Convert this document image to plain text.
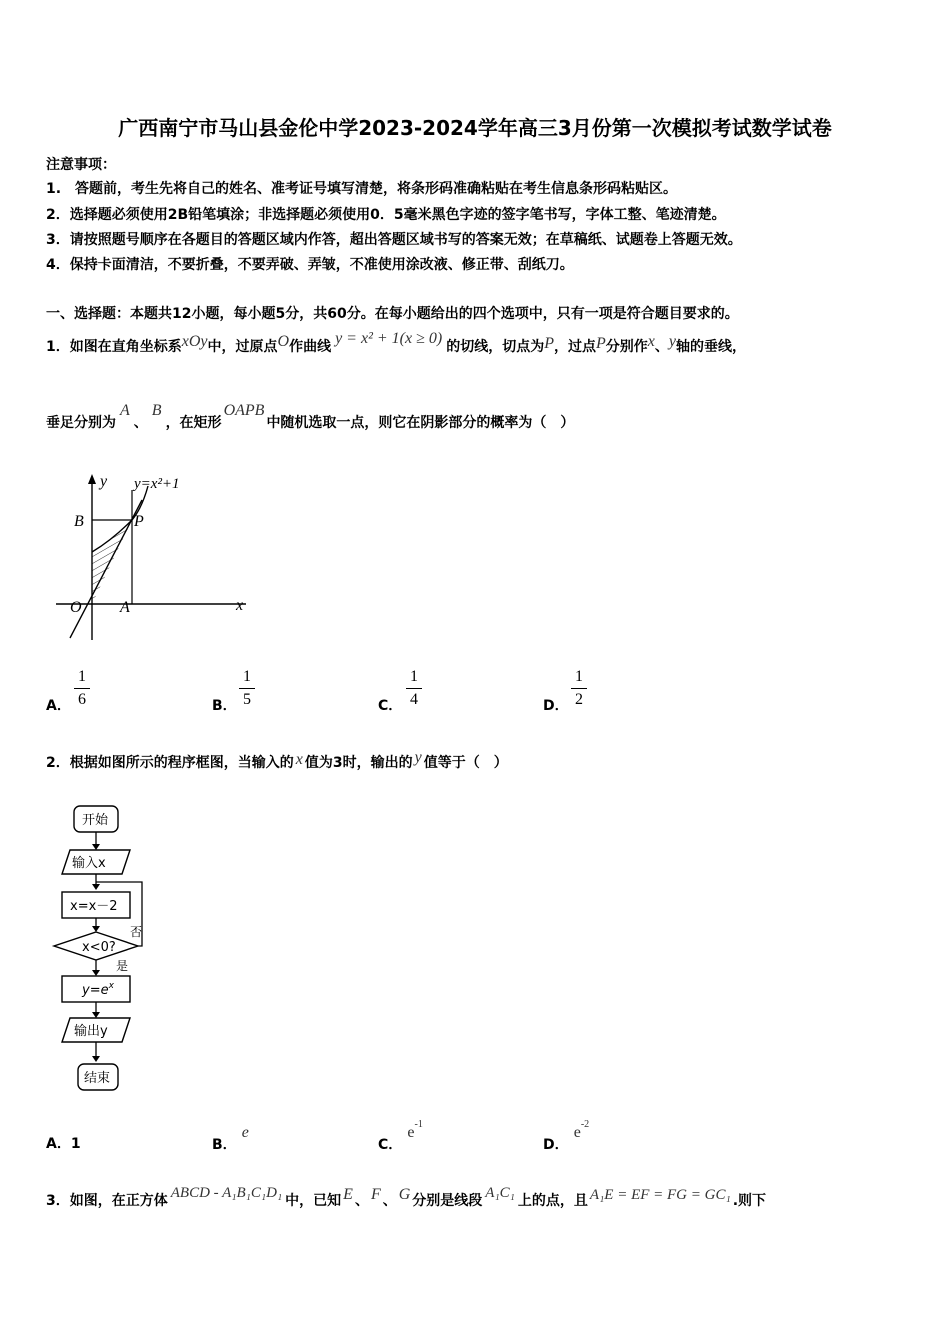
广西南宁市马山县金伦中学2023-2024学年高三3月份第一次模拟考试数学试卷
注意事项：
1.　答题前，考生先将自己的姓名、准考证号填写清楚，将条形码准确粘贴在考生信息条形码粘贴区。
2．选择题必须使用2B铅笔填涂；非选择题必须使用0．5毫米黑色字迹的签字笔书写，字体工整、笔迹清楚。
3．请按照题号顺序在各题目的答题区域内作答，超出答题区域书写的答案无效；在草稿纸、试题卷上答题无效。
4．保持卡面清洁，不要折叠，不要弄破、弄皱，不准使用涂改液、修正带、刮纸刀。
一、选择题：本题共12小题，每小题5分，共60分。在每小题给出的四个选项中，只有一项是符合题目要求的。
1．如图在直角坐标系xOy中，过原点O作曲线 y = x² + 1(x ≥ 0) 的切线，切点为P，过点P分别作x、y轴的垂线，
垂足分别为A、B，在矩形OAPB中随机选取一点，则它在阴影部分的概率为（　）
y y=x²+1
B	P
O A	x
A．
1
6	B．
1
5	C．
1
4	D．
1
2
2．根据如图所示的程序框图，当输入的 x 值为3时，输出的 y 值等于（　）
开始
输入x
x=x－2
x<0?
否
是
$y=e^x$
输出y
结束
A．1	B． e
C． $e^{-1}$
D． $e^{-2}$
3．如图，在正方体 ABCD - A₁B₁C₁D₁ 中，已知 E 、 F 、 G 分别是线段 A₁C₁ 上的点，且 A₁E = EF = FG = GC₁ .则下
